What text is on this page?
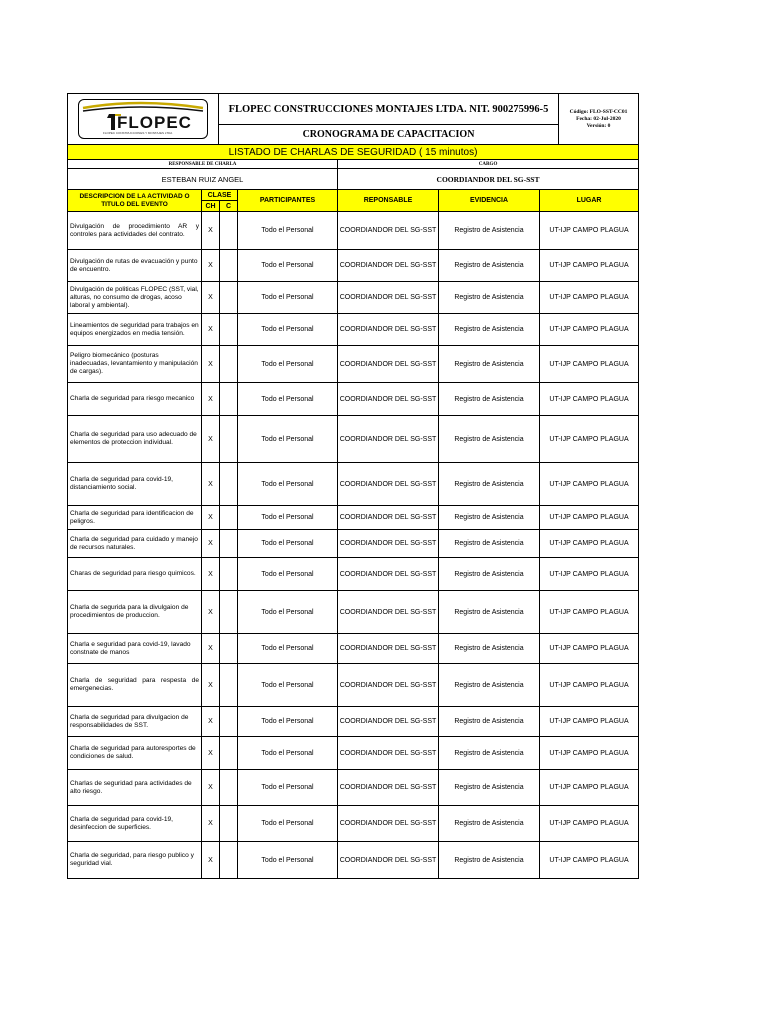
FLOPEC
FLOPEC CONSTRUCCIONES Y MONTAJES LTDA
	FLOPEC CONSTRUCCIONES MONTAJES LTDA. NIT. 900275996-5	Código: FLO-SST-CC01
Fecha: 02-Jul-2020
Versión: 0

CRONOGRAMA DE CAPACITACION
LISTADO DE CHARLAS DE SEGURIDAD ( 15 minutos)						
RESPONSABLE DE CHARLA				CARGO		
ESTEBAN RUIZ ANGEL				COORDIANDOR DEL SG-SST		
DESCRIPCION DE LA ACTIVIDAD O TITULO DEL EVENTO	CLASE		PARTICIPANTES	REPONSABLE	EVIDENCIA	LUGAR
	CH	C				
Divulgación de procedimiento AR y controles para actividades del contrato.	X		Todo el Personal	COORDIANDOR DEL SG-SST	Registro de Asistencia	UT-IJP CAMPO PLAGUA
Divulgación de rutas de evacuación y punto de encuentro.	X		Todo el Personal	COORDIANDOR DEL SG-SST	Registro de Asistencia	UT-IJP CAMPO PLAGUA
Divulgación de politicas FLOPEC (SST, vial, alturas, no consumo de drogas, acoso laboral y ambiental).	X		Todo el Personal	COORDIANDOR DEL SG-SST	Registro de Asistencia	UT-IJP CAMPO PLAGUA
Lineamientos de seguridad para trabajos en equipos energizados en media tensión.	X		Todo el Personal	COORDIANDOR DEL SG-SST	Registro de Asistencia	UT-IJP CAMPO PLAGUA
Peligro biomecánico (posturas inadecuadas, levantamiento y manipulación de cargas).	X		Todo el Personal	COORDIANDOR DEL SG-SST	Registro de Asistencia	UT-IJP CAMPO PLAGUA
Charla de seguridad para riesgo mecanico	X		Todo el Personal	COORDIANDOR DEL SG-SST	Registro de Asistencia	UT-IJP CAMPO PLAGUA
Charla de seguridad para uso adecuado de elementos de proteccion individual.	X		Todo el Personal	COORDIANDOR DEL SG-SST	Registro de Asistencia	UT-IJP CAMPO PLAGUA
Charla de seguridad para covid-19, distanciamiento social.	X		Todo el Personal	COORDIANDOR DEL SG-SST	Registro de Asistencia	UT-IJP CAMPO PLAGUA
Charla de seguridad para identificacion de peligros.	X		Todo el Personal	COORDIANDOR DEL SG-SST	Registro de Asistencia	UT-IJP CAMPO PLAGUA
Charla de seguridad para cuidado y manejo de recursos naturales.	X		Todo el Personal	COORDIANDOR DEL SG-SST	Registro de Asistencia	UT-IJP CAMPO PLAGUA
Charas de seguridad para riesgo quimicos.	X		Todo el Personal	COORDIANDOR DEL SG-SST	Registro de Asistencia	UT-IJP CAMPO PLAGUA
Charla de segurida para la divulgaion de procedimientos de produccion.	X		Todo el Personal	COORDIANDOR DEL SG-SST	Registro de Asistencia	UT-IJP CAMPO PLAGUA
Charla e seguridad para covid-19, lavado constnate de manos	X		Todo el Personal	COORDIANDOR DEL SG-SST	Registro de Asistencia	UT-IJP CAMPO PLAGUA
Charla de seguridad para respesta de emergenecias.	X		Todo el Personal	COORDIANDOR DEL SG-SST	Registro de Asistencia	UT-IJP CAMPO PLAGUA
Charla de seguridad para divulgacion de responsabilidades de SST.	X		Todo el Personal	COORDIANDOR DEL SG-SST	Registro de Asistencia	UT-IJP CAMPO PLAGUA
Charla de seguridad para autoresportes de condiciones de salud.	X		Todo el Personal	COORDIANDOR DEL SG-SST	Registro de Asistencia	UT-IJP CAMPO PLAGUA
Charlas de seguridad para actividades de alto riesgo.	X		Todo el Personal	COORDIANDOR DEL SG-SST	Registro de Asistencia	UT-IJP CAMPO PLAGUA
Charla de seguridad para covid-19, desinfeccion de superficies.	X		Todo el Personal	COORDIANDOR DEL SG-SST	Registro de Asistencia	UT-IJP CAMPO PLAGUA
Charla de seguridad, para riesgo publico y seguridad vial.	X		Todo el Personal	COORDIANDOR DEL SG-SST	Registro de Asistencia	UT-IJP CAMPO PLAGUA
